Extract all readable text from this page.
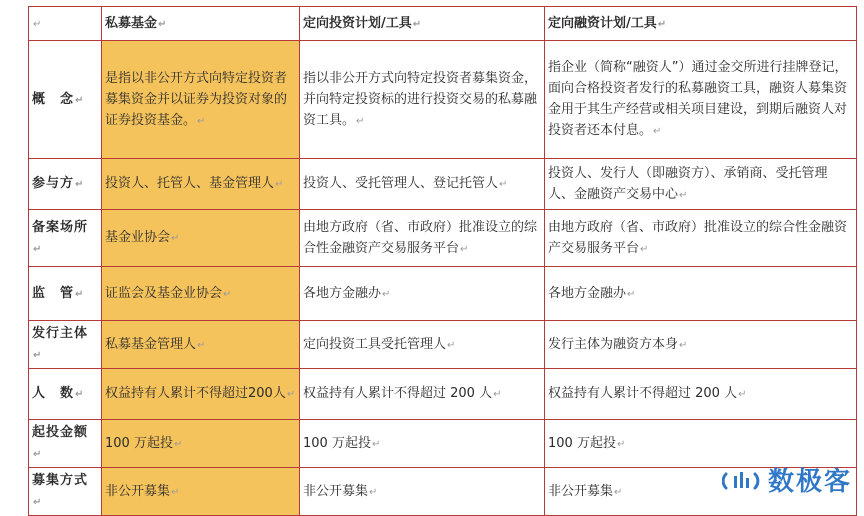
↵	私募基金↵	定向投资计划/工具↵	定向融资计划/工具↵
概　念↵	是指以非公开方式向特定投资者募集资金并以证券为投资对象的证券投资基金。↵	指以非公开方式向特定投资者募集资金，并向特定投资标的进行投资交易的私募融资工具。↵	指企业（简称“融资人”）通过金交所进行挂牌登记，面向合格投资者发行的私募融资工具，融资人募集资金用于其生产经营或相关项目建设，到期后融资人对投资者还本付息。↵
参与方↵	投资人、托管人、基金管理人↵	投资人、受托管理人、登记托管人↵	投资人、发行人（即融资方）、承销商、受托管理人、金融资产交易中心↵
备案场所↵	基金业协会↵	由地方政府（省、市政府）批准设立的综合性金融资产交易服务平台↵	由地方政府（省、市政府）批准设立的综合性金融资产交易服务平台↵
监　管↵	证监会及基金业协会↵	各地方金融办↵	各地方金融办↵
发行主体↵	私募基金管理人↵	定向投资工具受托管理人↵	发行主体为融资方本身↵
人　数↵	权益持有人累计不得超过200人↵	权益持有人累计不得超过 200 人↵	权益持有人累计不得超过 200 人↵
起投金额↵	100 万起投↵	100 万起投↵	100 万起投↵
募集方式↵	非公开募集↵	非公开募集↵	非公开募集↵	数极客
